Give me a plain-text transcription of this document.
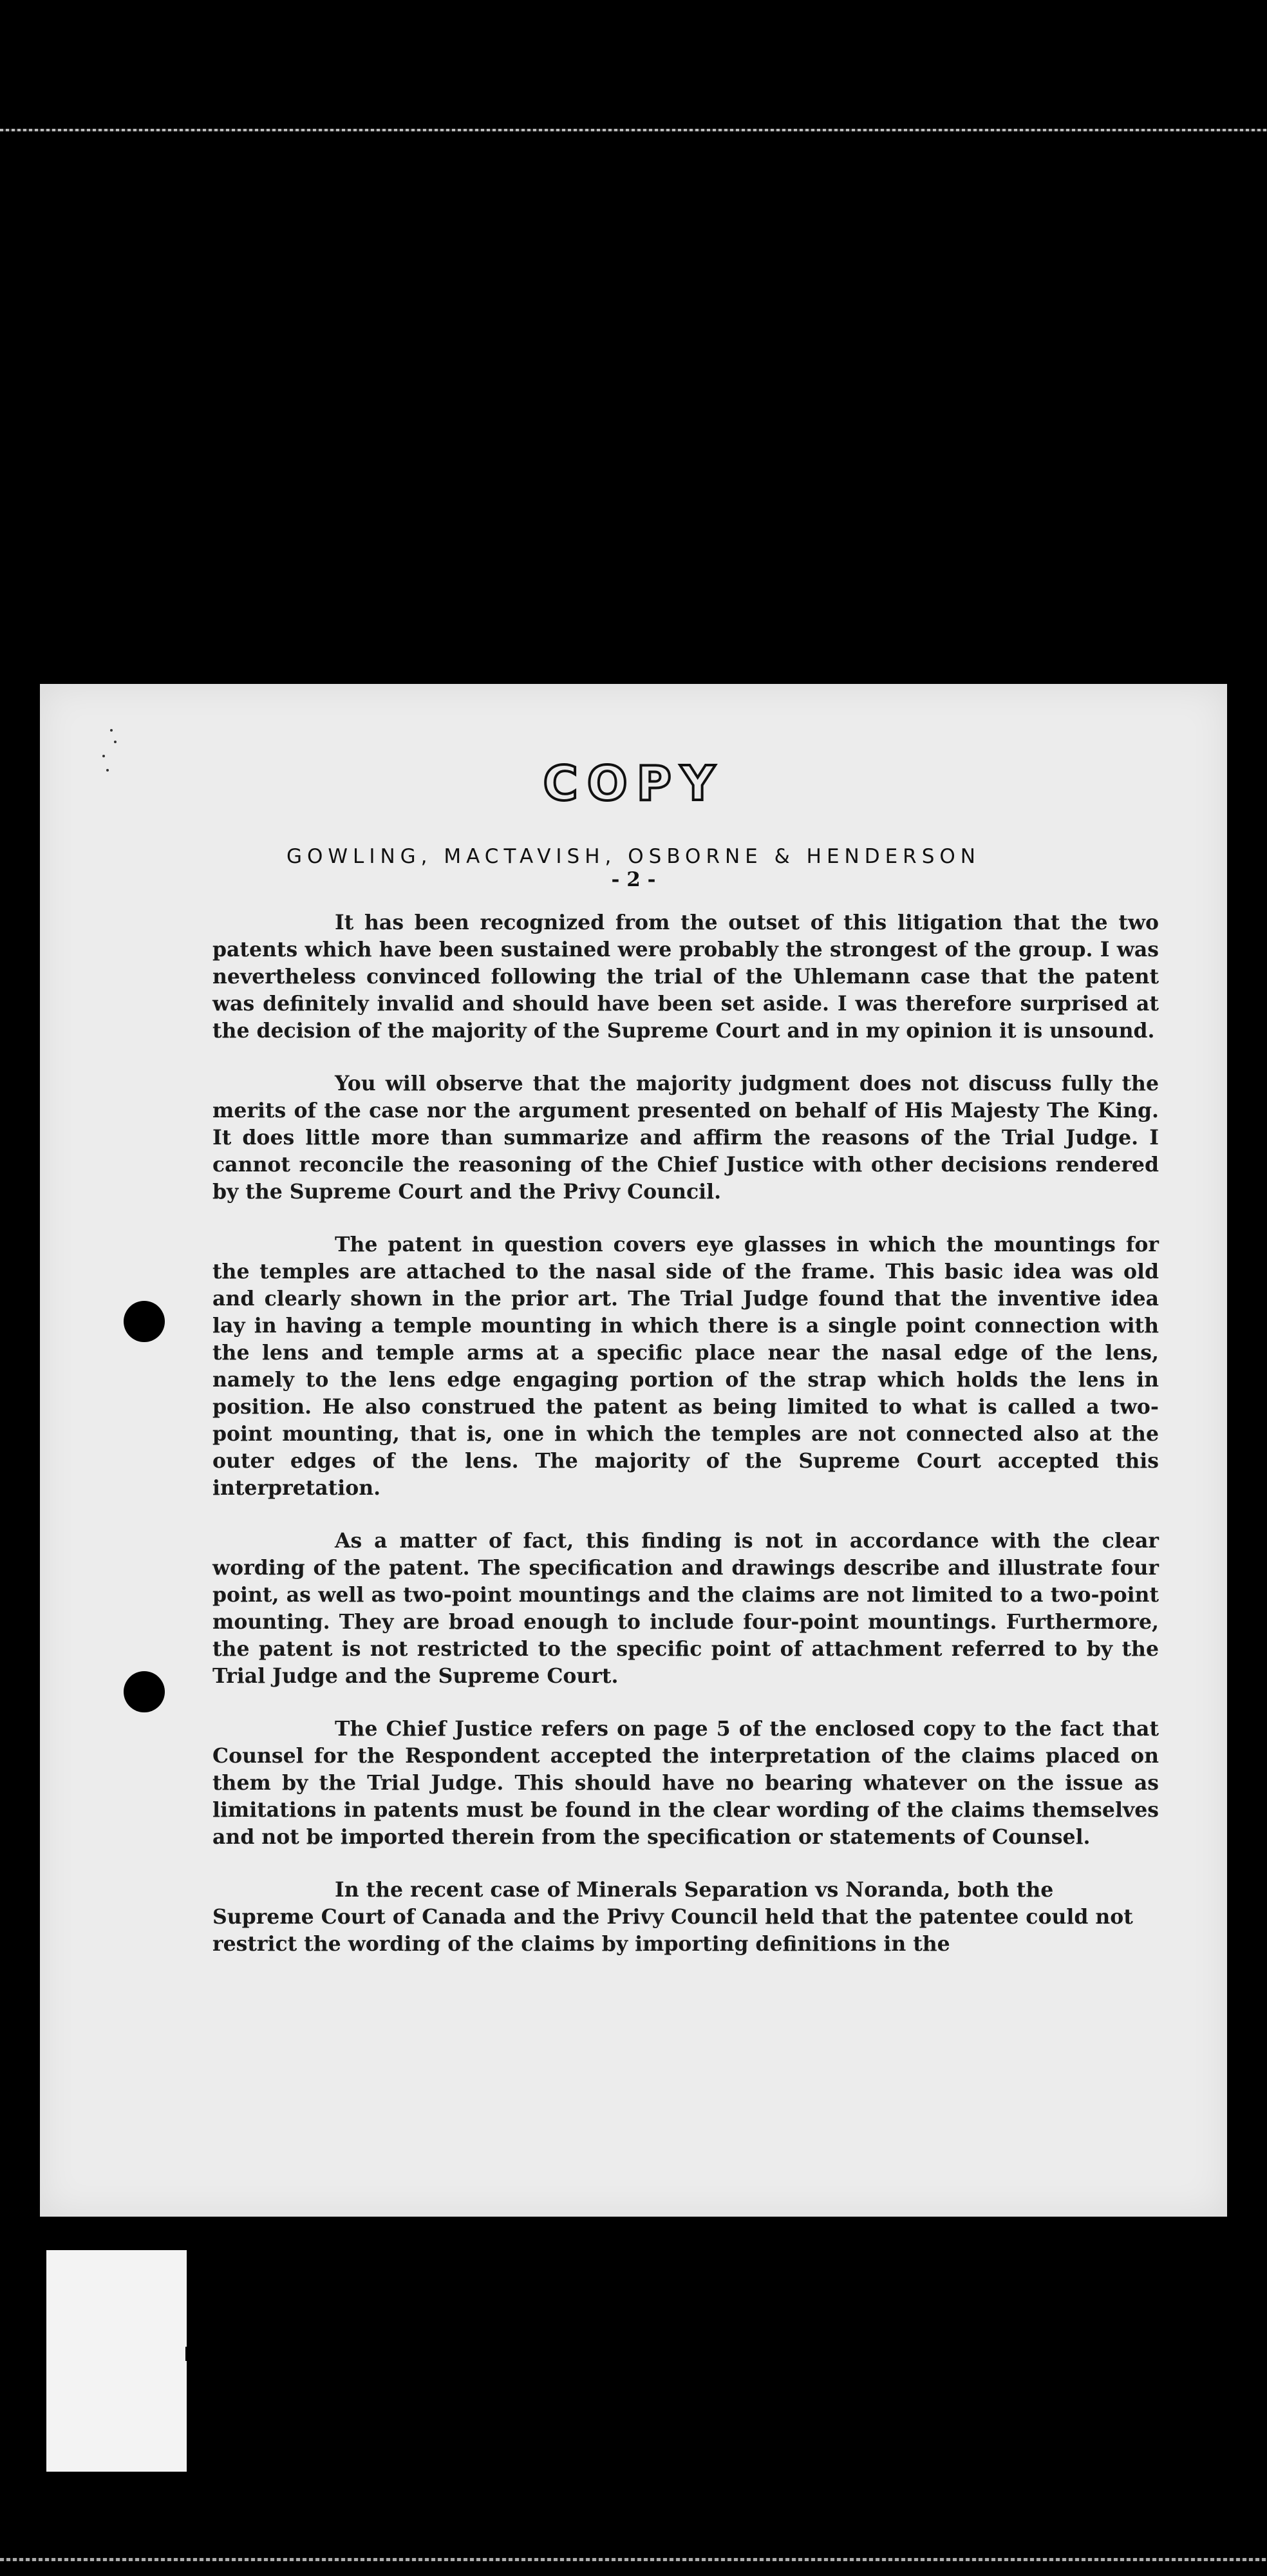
COPY
GOWLING, MACTAVISH, OSBORNE & HENDERSON
- 2 -

It has been recognized from the outset of this litigation that the two patents which have been sustained were probably the strongest of the group. I was nevertheless convinced following the trial of the Uhlemann case that the patent was definitely invalid and should have been set aside. I was therefore surprised at the decision of the majority of the Supreme Court and in my opinion it is unsound.

You will observe that the majority judgment does not discuss fully the merits of the case nor the argument presented on behalf of His Majesty The King. It does little more than summarize and affirm the reasons of the Trial Judge. I cannot reconcile the reasoning of the Chief Justice with other decisions rendered by the Supreme Court and the Privy Council.

The patent in question covers eye glasses in which the mountings for the temples are attached to the nasal side of the frame. This basic idea was old and clearly shown in the prior art. The Trial Judge found that the inventive idea lay in having a temple mounting in which there is a single point connection with the lens and temple arms at a specific place near the nasal edge of the lens, namely to the lens edge engaging portion of the strap which holds the lens in position. He also construed the patent as being limited to what is called a two-point mounting, that is, one in which the temples are not connected also at the outer edges of the lens. The majority of the Supreme Court accepted this interpretation.

As a matter of fact, this finding is not in accordance with the clear wording of the patent. The specification and drawings describe and illustrate four point, as well as two-point mountings and the claims are not limited to a two-point mounting. They are broad enough to include four-point mountings. Furthermore, the patent is not restricted to the specific point of attachment referred to by the Trial Judge and the Supreme Court.

The Chief Justice refers on page 5 of the enclosed copy to the fact that Counsel for the Respondent accepted the interpretation of the claims placed on them by the Trial Judge. This should have no bearing whatever on the issue as limitations in patents must be found in the clear wording of the claims themselves and not be imported therein from the specification or statements of Counsel.

In the recent case of Minerals Separation vs Noranda, both the Supreme Court of Canada and the Privy Council held that the patentee could not restrict the wording of the claims by importing definitions in the
